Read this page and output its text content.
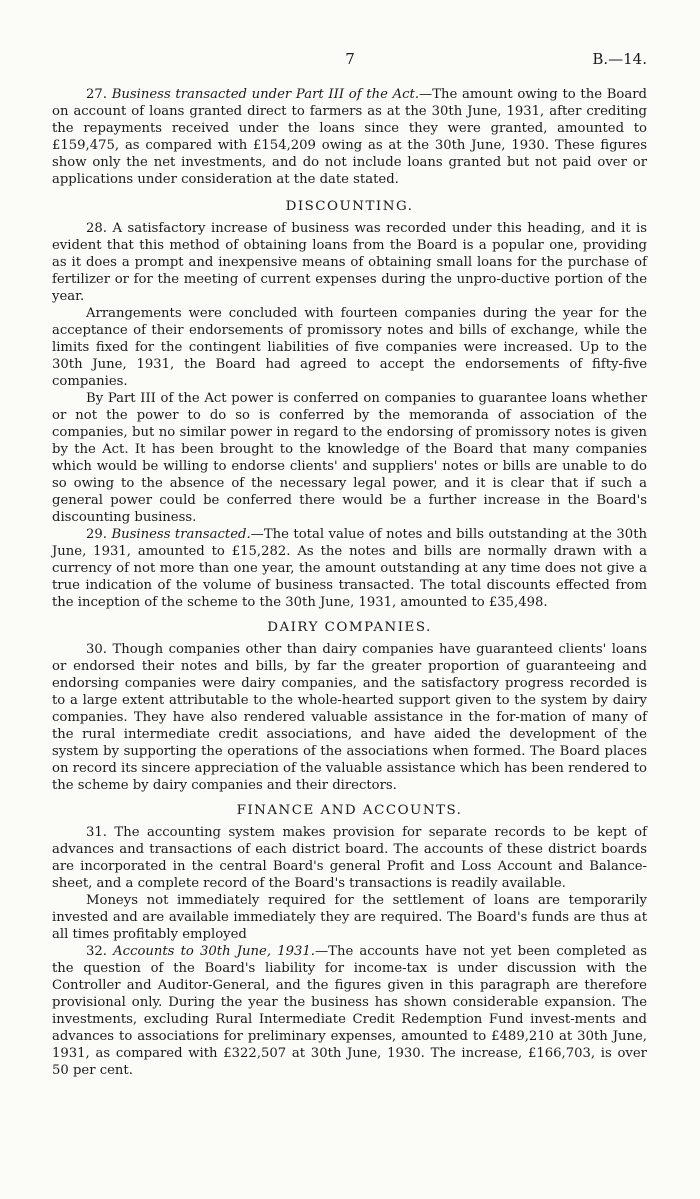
7	B.—14.

27. Business transacted under Part III of the Act.—The amount owing to the Board on account of loans granted direct to farmers as at the 30th June, 1931, after crediting the repayments received under the loans since they were granted, amounted to £159,475, as compared with £154,209 owing as at the 30th June, 1930. These figures show only the net investments, and do not include loans granted but not paid over or applications under consideration at the date stated.

DISCOUNTING.

28. A satisfactory increase of business was recorded under this heading, and it is evident that this method of obtaining loans from the Board is a popular one, providing as it does a prompt and inexpensive means of obtaining small loans for the purchase of fertilizer or for the meeting of current expenses during the unpro-ductive portion of the year.

Arrangements were concluded with fourteen companies during the year for the acceptance of their endorsements of promissory notes and bills of exchange, while the limits fixed for the contingent liabilities of five companies were increased. Up to the 30th June, 1931, the Board had agreed to accept the endorsements of fifty-five companies.

By Part III of the Act power is conferred on companies to guarantee loans whether or not the power to do so is conferred by the memoranda of association of the companies, but no similar power in regard to the endorsing of promissory notes is given by the Act. It has been brought to the knowledge of the Board that many companies which would be willing to endorse clients' and suppliers' notes or bills are unable to do so owing to the absence of the necessary legal power, and it is clear that if such a general power could be conferred there would be a further increase in the Board's discounting business.

29. Business transacted.—The total value of notes and bills outstanding at the 30th June, 1931, amounted to £15,282. As the notes and bills are normally drawn with a currency of not more than one year, the amount outstanding at any time does not give a true indication of the volume of business transacted. The total discounts effected from the inception of the scheme to the 30th June, 1931, amounted to £35,498.

DAIRY COMPANIES.

30. Though companies other than dairy companies have guaranteed clients' loans or endorsed their notes and bills, by far the greater proportion of guaranteeing and endorsing companies were dairy companies, and the satisfactory progress recorded is to a large extent attributable to the whole-hearted support given to the system by dairy companies. They have also rendered valuable assistance in the for-mation of many of the rural intermediate credit associations, and have aided the development of the system by supporting the operations of the associations when formed. The Board places on record its sincere appreciation of the valuable assistance which has been rendered to the scheme by dairy companies and their directors.

FINANCE AND ACCOUNTS.

31. The accounting system makes provision for separate records to be kept of advances and transactions of each district board. The accounts of these district boards are incorporated in the central Board's general Profit and Loss Account and Balance-sheet, and a complete record of the Board's transactions is readily available.

Moneys not immediately required for the settlement of loans are temporarily invested and are available immediately they are required. The Board's funds are thus at all times profitably employed

32. Accounts to 30th June, 1931.—The accounts have not yet been completed as the question of the Board's liability for income-tax is under discussion with the Controller and Auditor-General, and the figures given in this paragraph are therefore provisional only. During the year the business has shown considerable expansion. The investments, excluding Rural Intermediate Credit Redemption Fund invest-ments and advances to associations for preliminary expenses, amounted to £489,210 at 30th June, 1931, as compared with £322,507 at 30th June, 1930. The increase, £166,703, is over 50 per cent.
